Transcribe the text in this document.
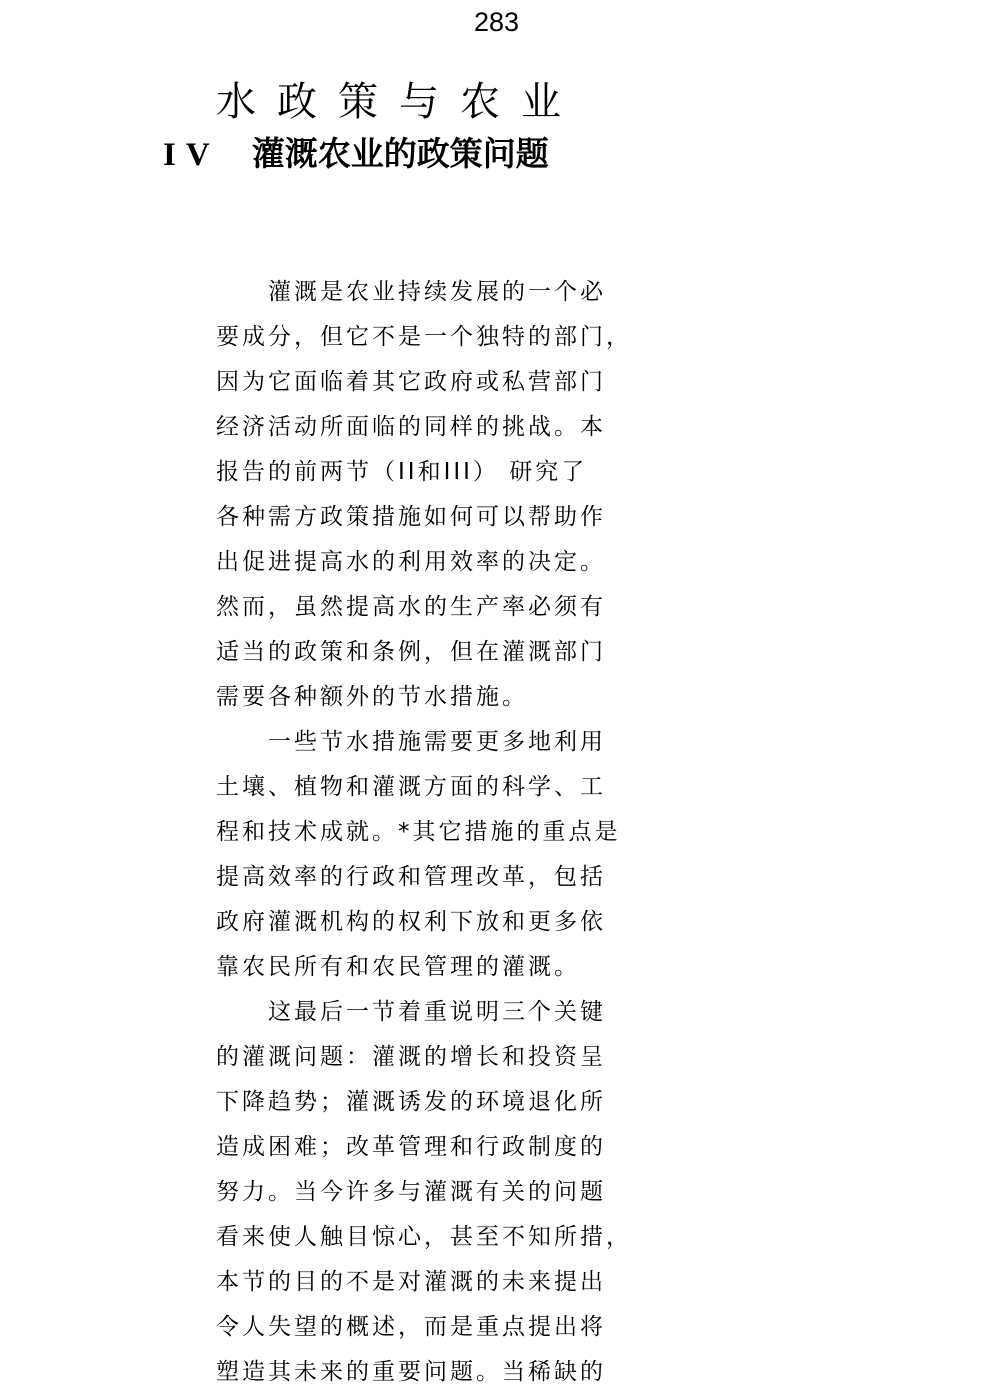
283
水政策与农业
IV 灌溉农业的政策问题
灌溉是农业持续发展的一个必
要成分，但它不是一个独特的部门，
因为它面临着其它政府或私营部门
经济活动所面临的同样的挑战。本
报告的前两节（II和III） 研究了
各种需方政策措施如何可以帮助作
出促进提高水的利用效率的决定。
然而，虽然提高水的生产率必须有
适当的政策和条例，但在灌溉部门
需要各种额外的节水措施。
一些节水措施需要更多地利用
土壤、植物和灌溉方面的科学、工
程和技术成就。*其它措施的重点是
提高效率的行政和管理改革，包括
政府灌溉机构的权利下放和更多依
靠农民所有和农民管理的灌溉。
这最后一节着重说明三个关键
的灌溉问题：灌溉的增长和投资呈
下降趋势；灌溉诱发的环境退化所
造成困难；改革管理和行政制度的
努力。当今许多与灌溉有关的问题
看来使人触目惊心，甚至不知所措，
本节的目的不是对灌溉的未来提出
令人失望的概述，而是重点提出将
塑造其未来的重要问题。当稀缺的
